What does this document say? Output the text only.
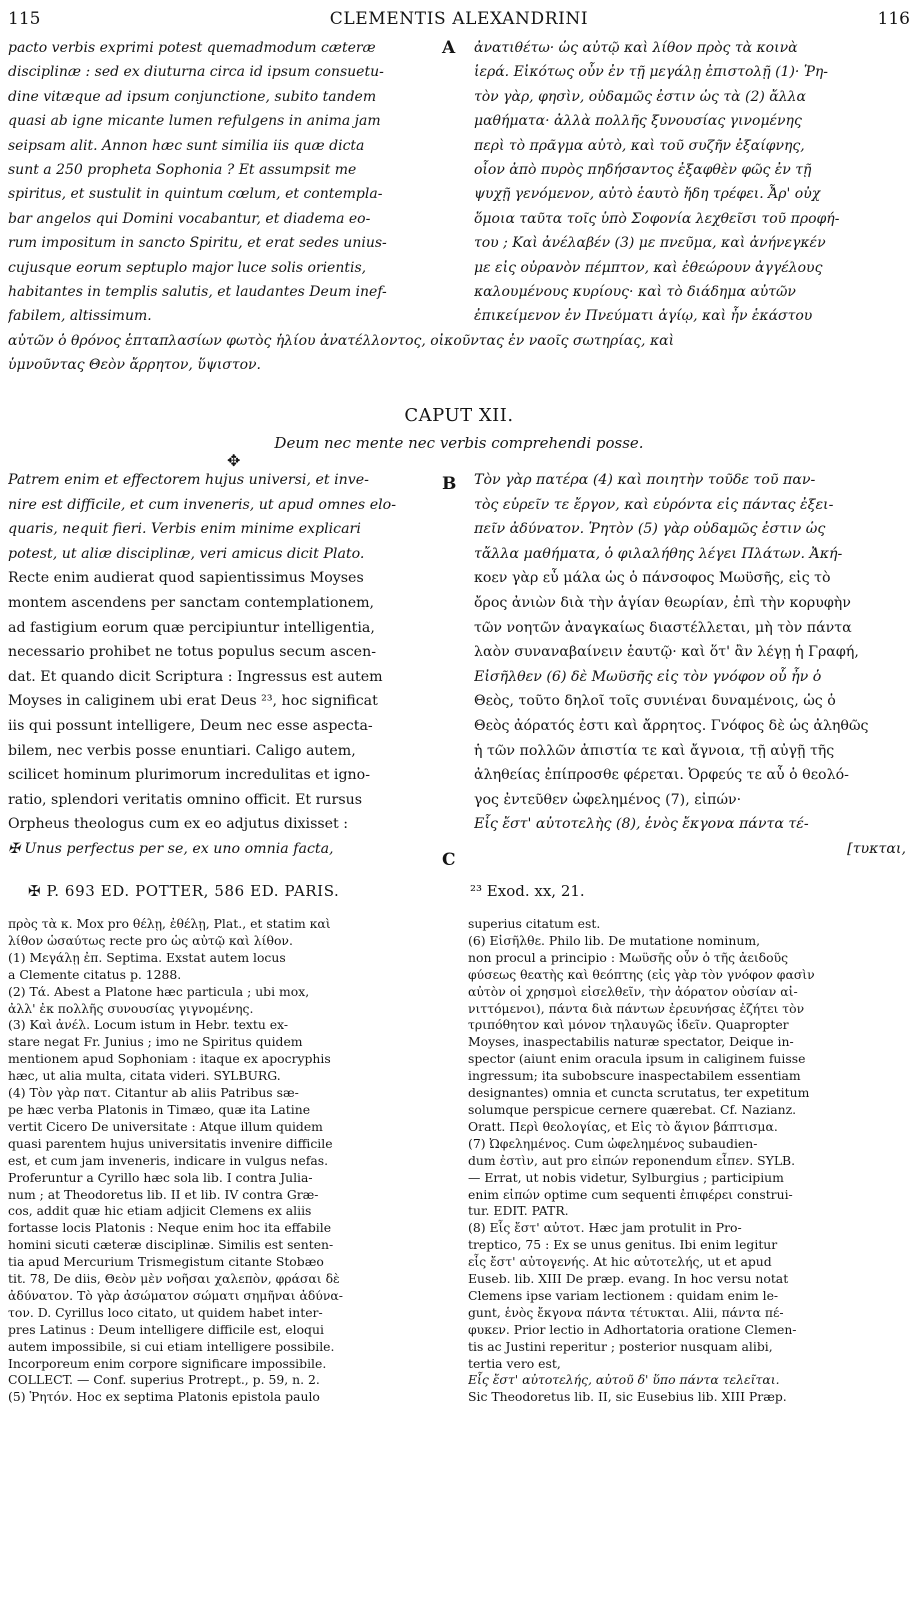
115	CLEMENTIS ALEXANDRINI	116
A
B
C

pacto verbis exprimi potest quemadmodum cæteræ

disciplinæ : sed ex diuturna circa id ipsum consuetu-

dine vitæque ad ipsum conjunctione, subito tandem

quasi ab igne micante lumen refulgens in anima jam

seipsam alit. Annon hæc sunt similia iis quæ dicta

sunt a 250 propheta Sophonia ? Et assumpsit me

spiritus, et sustulit in quintum cœlum, et contempla-

bar angelos qui Domini vocabantur, et diadema eo-

rum impositum in sancto Spiritu, et erat sedes unius-

cujusque eorum septuplo major luce solis orientis,

habitantes in templis salutis, et laudantes Deum inef-

fabilem, altissimum.

ἀνατιθέτω· ὡς αὐτῷ καὶ λίθον πρὸς τὰ κοινὰ

ἱερά. Εἰκότως οὖν ἐν τῇ μεγάλῃ ἐπιστολῇ (1)· Ῥη-

τὸν γὰρ, φησὶν, οὐδαμῶς ἐστιν ὡς τὰ (2) ἄλλα

μαθήματα· ἀλλὰ πολλῆς ξυνουσίας γινομένης

περὶ τὸ πρᾶγμα αὐτὸ, καὶ τοῦ συζῆν ἐξαίφνης,

οἷον ἀπὸ πυρὸς πηδήσαντος ἐξαφθὲν φῶς ἐν τῇ

ψυχῇ γενόμενον, αὐτὸ ἑαυτὸ ἤδη τρέφει. Ἆρ' οὐχ

ὅμοια ταῦτα τοῖς ὑπὸ Σοφονία λεχθεῖσι τοῦ προφή-

του ; Καὶ ἀνέλαβέν (3) με πνεῦμα, καὶ ἀνήνεγκέν

με εἰς οὐρανὸν πέμπτον, καὶ ἐθεώρουν ἀγγέλους

καλουμένους κυρίους· καὶ τὸ διάδημα αὐτῶν

ἐπικείμενον ἐν Πνεύματι ἁγίῳ, καὶ ἦν ἑκάστου

αὐτῶν ὁ θρόνος ἑπταπλασίων φωτὸς ἡλίου ἀνατέλλοντος, οἰκοῦντας ἐν ναοῖς σωτηρίας, καὶ

ὑμνοῦντας Θεὸν ἄρρητον, ὕψιστον.

CAPUT XII.
Deum nec mente nec verbis comprehendi posse.
✥

Patrem enim et effectorem hujus universi, et inve-

nire est difficile, et cum inveneris, ut apud omnes elo-

quaris, nequit fieri. Verbis enim minime explicari

potest, ut aliæ disciplinæ, veri amicus dicit Plato.

Recte enim audierat quod sapientissimus Moyses

montem ascendens per sanctam contemplationem,

ad fastigium eorum quæ percipiuntur intelligentia,

necessario prohibet ne totus populus secum ascen-

dat. Et quando dicit Scriptura : Ingressus est autem

Moyses in caliginem ubi erat Deus ²³, hoc significat

iis qui possunt intelligere, Deum nec esse aspecta-

bilem, nec verbis posse enuntiari. Caligo autem,

scilicet hominum plurimorum incredulitas et igno-

ratio, splendori veritatis omnino officit. Et rursus

Orpheus theologus cum ex eo adjutus dixisset :

✠ Unus perfectus per se, ex uno omnia facta,

Τὸν γὰρ πατέρα (4) καὶ ποιητὴν τοῦδε τοῦ παν-

τὸς εὑρεῖν τε ἔργον, καὶ εὑρόντα εἰς πάντας ἐξει-

πεῖν ἀδύνατον. Ῥητὸν (5) γὰρ οὐδαμῶς ἐστιν ὡς

τἄλλα μαθήματα, ὁ φιλαλήθης λέγει Πλάτων. Ἀκή-

κοεν γὰρ εὖ μάλα ὡς ὁ πάνσοφος Μωϋσῆς, εἰς τὸ

ὄρος ἀνιὼν διὰ τὴν ἁγίαν θεωρίαν, ἐπὶ τὴν κορυφὴν

τῶν νοητῶν ἀναγκαίως διαστέλλεται, μὴ τὸν πάντα

λαὸν συναναβαίνειν ἑαυτῷ· καὶ ὅτ' ἂν λέγῃ ἡ Γραφή,

Εἰσῆλθεν (6) δὲ Μωϋσῆς εἰς τὸν γνόφον οὗ ἦν ὁ

Θεὸς, τοῦτο δηλοῖ τοῖς συνιέναι δυναμένοις, ὡς ὁ

Θεὸς ἀόρατός ἐστι καὶ ἄρρητος. Γνόφος δὲ ὡς ἀληθῶς

ἡ τῶν πολλῶν ἀπιστία τε καὶ ἄγνοια, τῇ αὐγῇ τῆς

ἀληθείας ἐπίπροσθε φέρεται. Ὀρφεύς τε αὖ ὁ θεολό-

γος ἐντεῦθεν ὠφελημένος (7), εἰπών·

Εἷς ἔστ' αὐτοτελὴς (8), ἑνὸς ἔκγονα πάντα τέ-

[τυκται,

✠ P. 693 ED. POTTER, 586 ED. PARIS.	²³ Exod. xx, 21.

πρὸς τὰ κ. Mox pro θέλῃ, ἐθέλῃ, Plat., et statim καὶ

λίθον ὡσαύτως recte pro ὡς αὐτῷ καὶ λίθον.

(1) Μεγάλῃ ἐπ. Septima. Exstat autem locus

a Clemente citatus p. 1288.

(2) Τά. Abest a Platone hæc particula ; ubi mox,

ἀλλ' ἐκ πολλῆς συνουσίας γιγνομένης.

(3) Καὶ ἀνέλ. Locum istum in Hebr. textu ex-

stare negat Fr. Junius ; imo ne Spiritus quidem

mentionem apud Sophoniam : itaque ex apocryphis

hæc, ut alia multa, citata videri. SYLBURG.

(4) Τὸν γὰρ πατ. Citantur ab aliis Patribus sæ-

pe hæc verba Platonis in Timæo, quæ ita Latine

vertit Cicero De universitate : Atque illum quidem

quasi parentem hujus universitatis invenire difficile

est, et cum jam inveneris, indicare in vulgus nefas.

Proferuntur a Cyrillo hæc sola lib. I contra Julia-

num ; at Theodoretus lib. II et lib. IV contra Græ-

cos, addit quæ hic etiam adjicit Clemens ex aliis

fortasse locis Platonis : Neque enim hoc ita effabile

homini sicuti cæteræ disciplinæ. Similis est senten-

tia apud Mercurium Trismegistum citante Stobæo

tit. 78, De diis, Θεὸν μὲν νοῆσαι χαλεπὸν, φράσαι δὲ

ἀδύνατον. Τὸ γὰρ ἀσώματον σώματι σημῆναι ἀδύνα-

τον. D. Cyrillus loco citato, ut quidem habet inter-

pres Latinus : Deum intelligere difficile est, eloqui

autem impossibile, si cui etiam intelligere possibile.

Incorporeum enim corpore significare impossibile.

COLLECT. — Conf. superius Protrept., p. 59, n. 2.

(5) Ῥητόν. Hoc ex septima Platonis epistola paulo

superius citatum est.

(6) Εἰσῆλθε. Philo lib. De mutatione nominum,

non procul a principio : Μωϋσῆς οὖν ὁ τῆς ἀειδοῦς

φύσεως θεατὴς καὶ θεόπτης (εἰς γὰρ τὸν γνόφον φασὶν

αὐτὸν οἱ χρησμοὶ εἰσελθεῖν, τὴν ἀόρατον οὐσίαν αἰ-

νιττόμενοι), πάντα διὰ πάντων ἐρευνήσας ἐζήτει τὸν

τριπόθητον καὶ μόνον τηλαυγῶς ἰδεῖν. Quapropter

Moyses, inaspectabilis naturæ spectator, Deique in-

spector (aiunt enim oracula ipsum in caliginem fuisse

ingressum; ita subobscure inaspectabilem essentiam

designantes) omnia et cuncta scrutatus, ter expetitum

solumque perspicue cernere quærebat. Cf. Nazianz.

Oratt. Περὶ θεολογίας, et Εἰς τὸ ἅγιον βάπτισμα.

(7) Ὠφελημένος. Cum ὠφελημένος subaudien-

dum ἐστὶν, aut pro εἰπών reponendum εἶπεν. SYLB.

— Errat, ut nobis videtur, Sylburgius ; participium

enim εἰπών optime cum sequenti ἐπιφέρει construi-

tur. EDIT. PATR.

(8) Εἷς ἔστ' αὐτοτ. Hæc jam protulit in Pro-

treptico, 75 : Ex se unus genitus. Ibi enim legitur

εἷς ἔστ' αὐτογενής. At hic αὐτοτελής, ut et apud

Euseb. lib. XIII De præp. evang. In hoc versu notat

Clemens ipse variam lectionem : quidam enim le-

gunt, ἑνὸς ἔκγονα πάντα τέτυκται. Alii, πάντα πέ-

φυκεν. Prior lectio in Adhortatoria oratione Clemen-

tis ac Justini reperitur ; posterior nusquam alibi,

tertia vero est,

Εἷς ἔστ' αὐτοτελής, αὐτοῦ δ' ὕπο πάντα τελεῖται.

Sic Theodoretus lib. II, sic Eusebius lib. XIII Præp.
